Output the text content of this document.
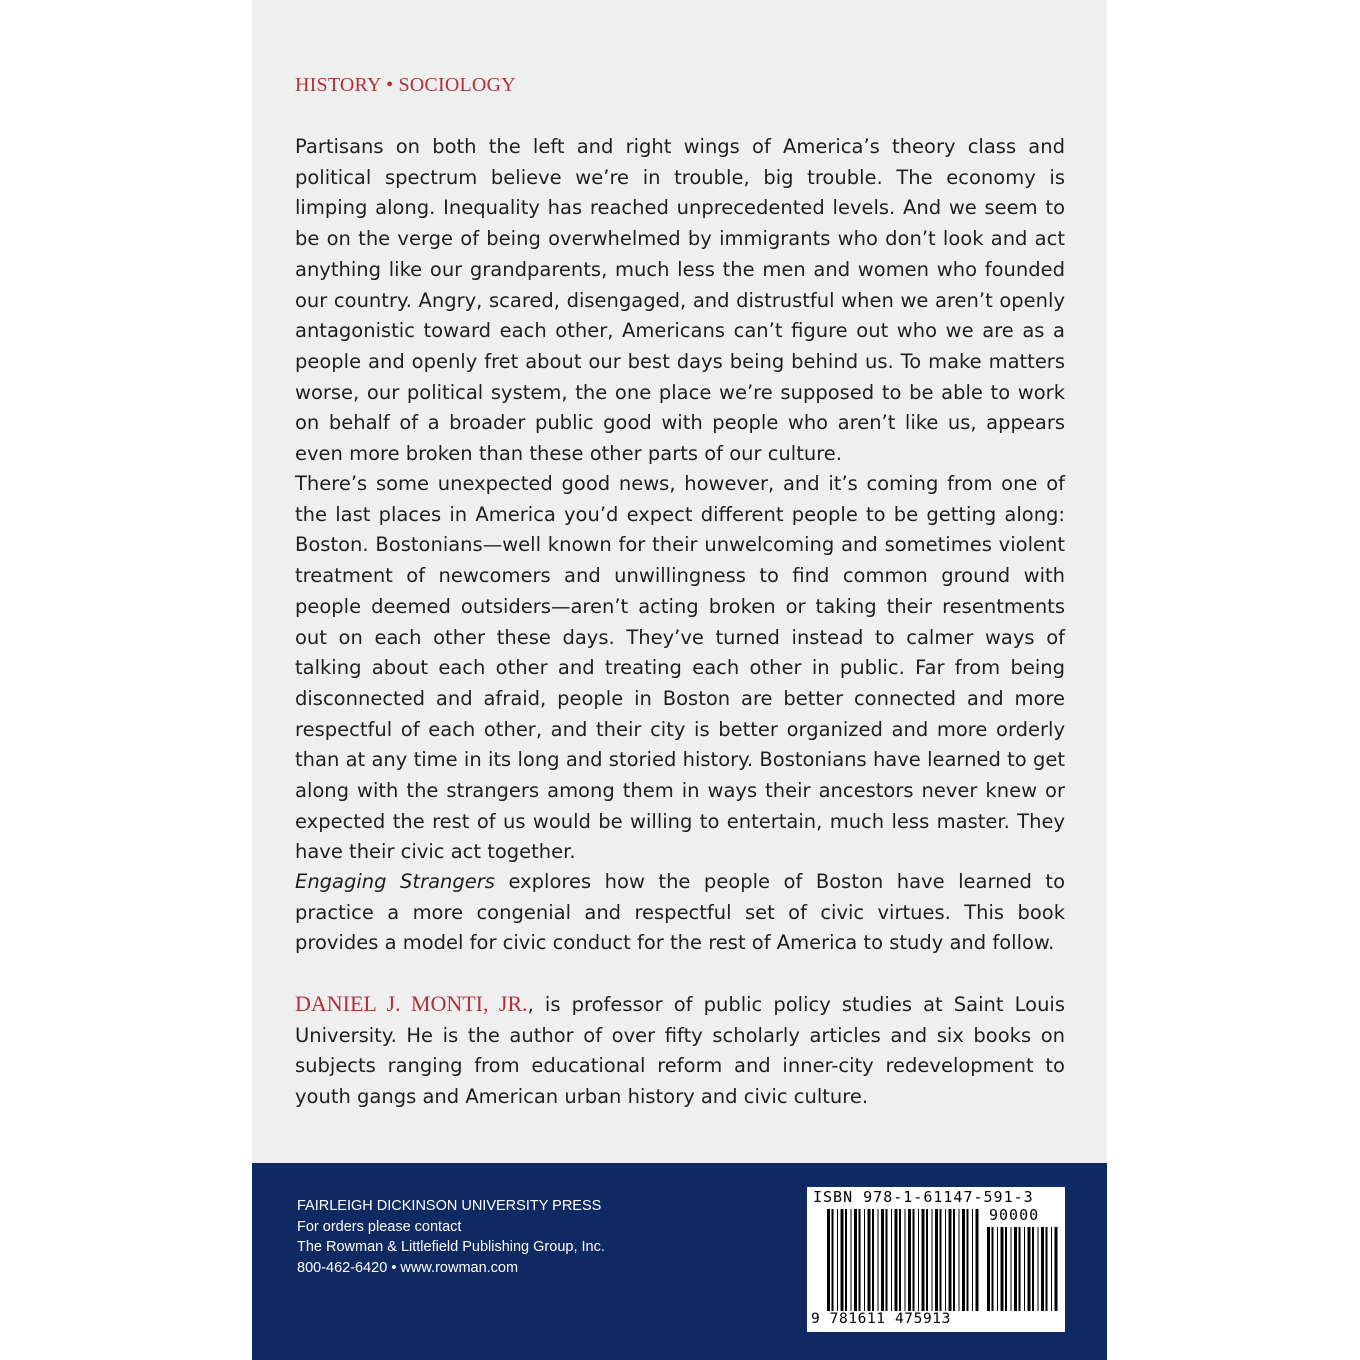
HISTORY • SOCIOLOGY

Partisans on both the left and right wings of America’s theory class and political spectrum believe we’re in trouble, big trouble. The economy is limping along. Inequality has reached unprecedented levels. And we seem to be on the verge of being overwhelmed by immigrants who don’t look and act anything like our grandparents, much less the men and women who founded our country. Angry, scared, disengaged, and distrustful when we aren’t openly antagonistic toward each other, Americans can’t figure out who we are as a people and openly fret about our best days being behind us. To make matters worse, our political system, the one place we’re supposed to be able to work on behalf of a broader public good with people who aren’t like us, appears even more broken than these other parts of our culture.

There’s some unexpected good news, however, and it’s coming from one of the last places in America you’d expect different people to be getting along: Boston. Bostonians—well known for their unwelcoming and sometimes violent treatment of newcomers and unwillingness to find common ground with people deemed outsiders—aren’t acting broken or taking their resentments out on each other these days. They’ve turned instead to calmer ways of talking about each other and treating each other in public. Far from being disconnected and afraid, people in Boston are better connected and more respectful of each other, and their city is better organized and more orderly than at any time in its long and storied history. Bostonians have learned to get along with the strangers among them in ways their ancestors never knew or expected the rest of us would be willing to entertain, much less master. They have their civic act together.

Engaging Strangers explores how the people of Boston have learned to practice a more congenial and respectful set of civic virtues. This book provides a model for civic conduct for the rest of America to study and follow.

DANIEL J. MONTI, JR., is professor of public policy studies at Saint Louis University. He is the author of over fifty scholarly articles and six books on subjects ranging from educational reform and inner-city redevelopment to youth gangs and American urban history and civic culture.

FAIRLEIGH DICKINSON UNIVERSITY PRESS
For orders please contact
The Rowman & Littlefield Publishing Group, Inc.
800-462-6420 • www.rowman.com
ISBN 978-1-61147-591-3
90000
9 781611 475913
